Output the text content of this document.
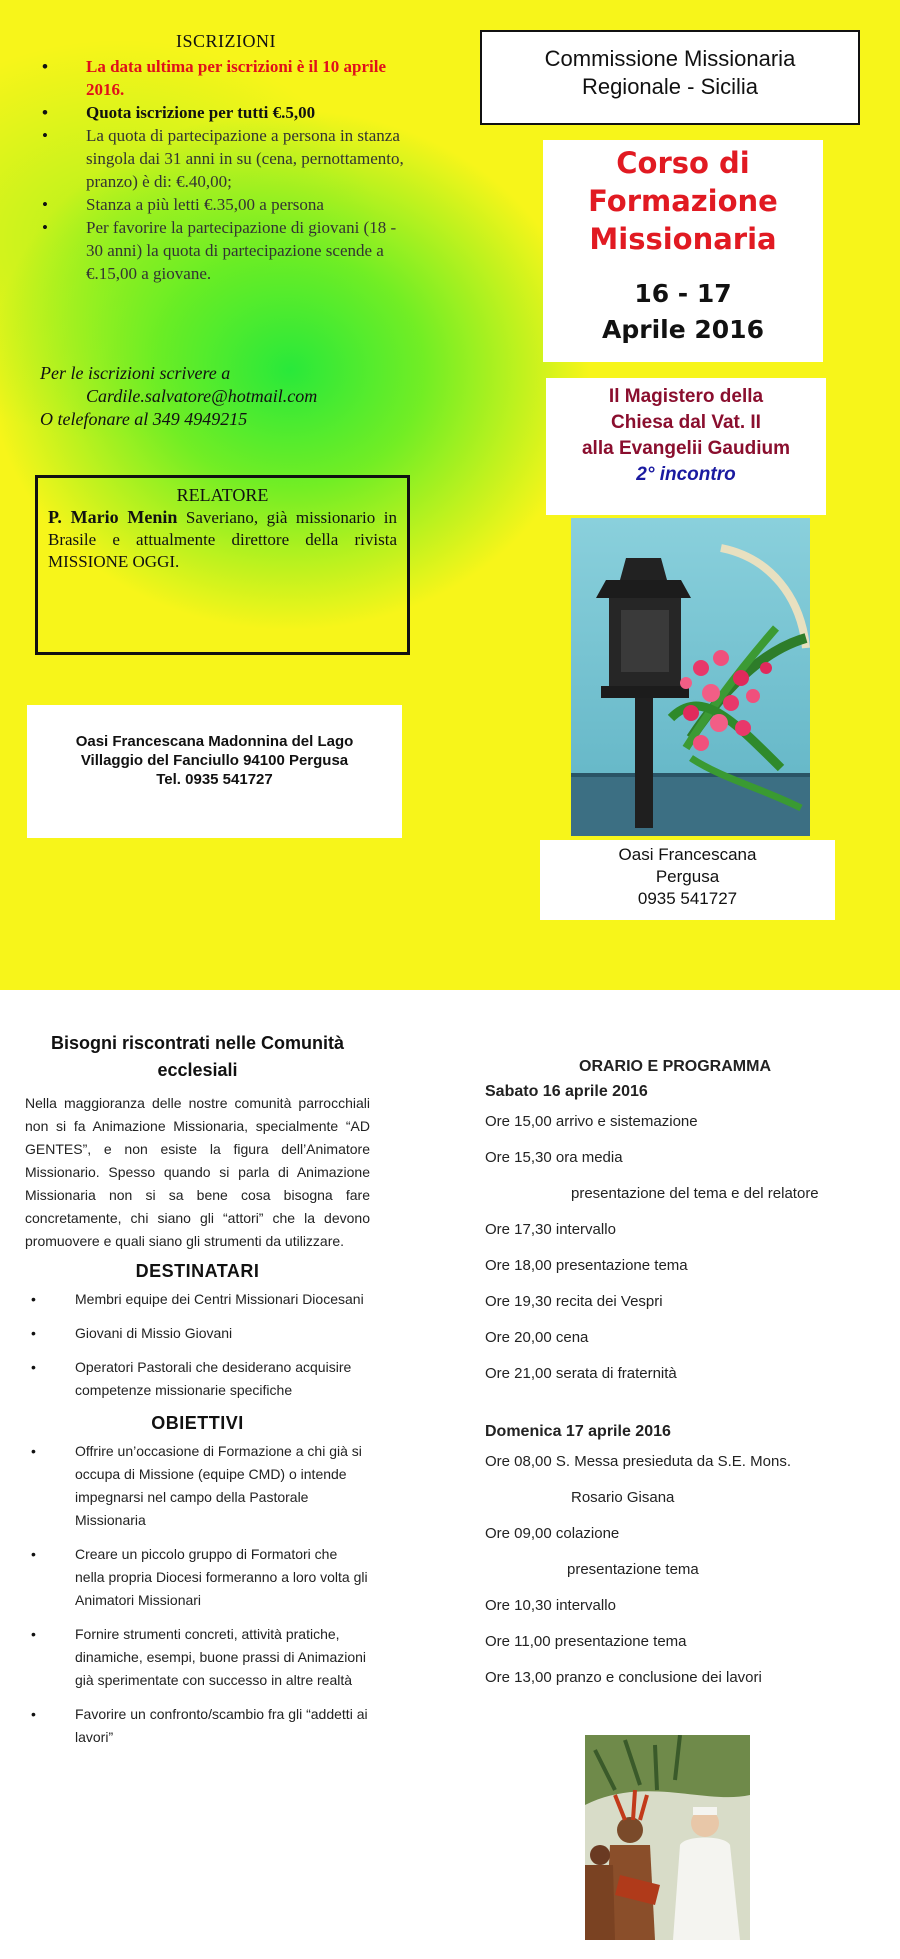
ISCRIZIONI
• La data ultima per iscrizioni è il 10 aprile 2016.
• Quota iscrizione per tutti €.5,00
• La quota di partecipazione a persona in stanza singola dai 31 anni in su (cena, pernottamento, pranzo) è di: €.40,00;
• Stanza a più letti €.35,00 a persona
• Per favorire la partecipazione di giovani (18 - 30 anni) la quota di partecipazione scende a €.15,00 a giovane.
Per le iscrizioni scrivere a
Cardile.salvatore@hotmail.com
O telefonare al 349 4949215
RELATORE

P. Mario Menin Saveriano, già missionario in Brasile e attualmente direttore della rivista MISSIONE OGGI.

Oasi Francescana Madonnina del Lago
Villaggio del Fanciullo 94100 Pergusa
Tel. 0935 541727
Commissione Missionaria
Regionale - Sicilia
Corso di
Formazione
Missionaria
16 - 17
Aprile 2016
Il Magistero della
Chiesa dal Vat. II
alla Evangelii Gaudium
2° incontro
Oasi Francescana
Pergusa
0935 541727
Bisogni riscontrati nelle Comunità ecclesiali

Nella maggioranza delle nostre comunità parrocchiali non si fa Animazione Missionaria, specialmente “AD GENTES”, e non esiste la figura dell’Animatore Missionario. Spesso quando si parla di Animazione Missionaria non si sa bene cosa bisogna fare concretamente, chi siano gli “attori” che la devono promuovere e quali siano gli strumenti da utilizzare.

DESTINATARI
• Membri equipe dei Centri Missionari Diocesani
• Giovani di Missio Giovani
• Operatori Pastorali che desiderano acquisire competenze missionarie specifiche
OBIETTIVI
• Offrire un’occasione di Formazione a chi già si occupa di Missione (equipe CMD) o intende impegnarsi nel campo della Pastorale Missionaria
• Creare un piccolo gruppo di Formatori che nella propria Diocesi formeranno a loro volta gli Animatori Missionari
• Fornire strumenti concreti, attività pratiche, dinamiche, esempi, buone prassi di Animazioni già sperimentate con successo in altre realtà
• Favorire un confronto/scambio fra gli “addetti ai lavori”
ORARIO E PROGRAMMA
Sabato 16 aprile 2016
Ore 15,00 arrivo e sistemazione
Ore 15,30 ora media
presentazione del tema e del relatore
Ore 17,30 intervallo
Ore 18,00 presentazione tema
Ore 19,30 recita dei Vespri
Ore 20,00 cena
Ore 21,00 serata di fraternità
Domenica 17 aprile 2016
Ore 08,00 S. Messa presieduta da S.E. Mons.
Rosario Gisana
Ore 09,00 colazione
presentazione tema
Ore 10,30 intervallo
Ore 11,00 presentazione tema
Ore 13,00 pranzo e conclusione dei lavori
